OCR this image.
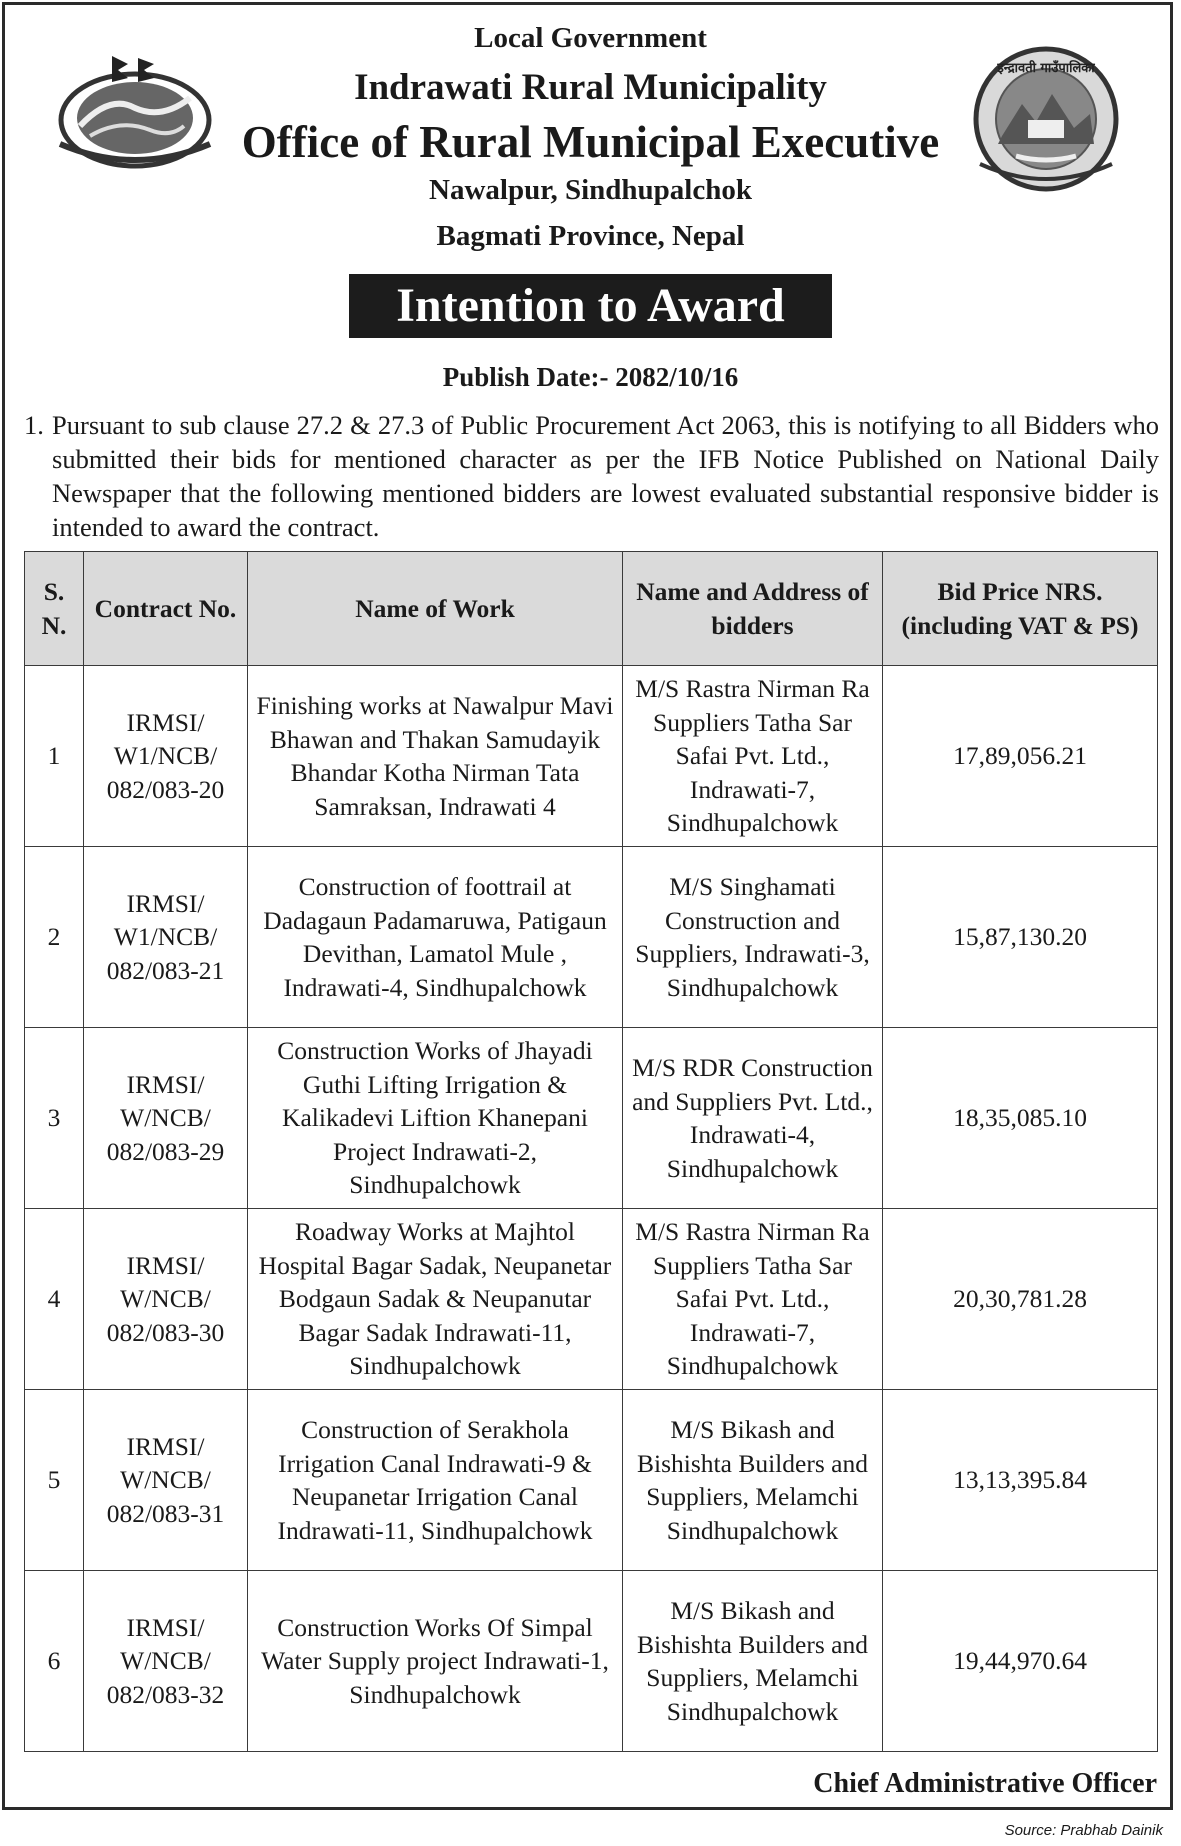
इन्द्रावती गाउँपालिका
Local Government
Indrawati Rural Municipality
Office of Rural Municipal Executive
Nawalpur, Sindhupalchok
Bagmati Province, Nepal
Intention to Award
Publish Date:- 2082/10/16
1. Pursuant to sub clause 27.2 & 27.3 of Public Procurement Act 2063, this is notifying to all Bidders who submitted their bids for mentioned character as per the IFB Notice Published on National Daily Newspaper that the following mentioned bidders are lowest evaluated substantial responsive bidder is intended to award the contract.
S. N.	Contract No.	Name of Work	Name and Address of bidders	Bid Price NRS. (including VAT & PS)
1	IRMSI/ W1/NCB/ 082/083-20	Finishing works at Nawalpur Mavi Bhawan and Thakan Samudayik Bhandar Kotha Nirman Tata Samraksan, Indrawati 4	M/S Rastra Nirman Ra Suppliers Tatha Sar Safai Pvt. Ltd., Indrawati-7, Sindhupalchowk	17,89,056.21
2	IRMSI/ W1/NCB/ 082/083-21	Construction of foottrail at Dadagaun Padamaruwa, Patigaun Devithan, Lamatol Mule , Indrawati-4, Sindhupalchowk	M/S Singhamati Construction and Suppliers, Indrawati-3, Sindhupalchowk	15,87,130.20
3	IRMSI/ W/NCB/ 082/083-29	Construction Works of Jhayadi Guthi Lifting Irrigation & Kalikadevi Liftion Khanepani Project Indrawati-2, Sindhupalchowk	M/S RDR Construction and Suppliers Pvt. Ltd., Indrawati-4, Sindhupalchowk	18,35,085.10
4	IRMSI/ W/NCB/ 082/083-30	Roadway Works at Majhtol Hospital Bagar Sadak, Neupanetar Bodgaun Sadak & Neupanutar Bagar Sadak Indrawati-11, Sindhupalchowk	M/S Rastra Nirman Ra Suppliers Tatha Sar Safai Pvt. Ltd., Indrawati-7, Sindhupalchowk	20,30,781.28
5	IRMSI/ W/NCB/ 082/083-31	Construction of Serakhola Irrigation Canal Indrawati-9 & Neupanetar Irrigation Canal Indrawati-11, Sindhupalchowk	M/S Bikash and Bishishta Builders and Suppliers, Melamchi Sindhupalchowk	13,13,395.84
6	IRMSI/ W/NCB/ 082/083-32	Construction Works Of Simpal Water Supply project Indrawati-1, Sindhupalchowk	M/S Bikash and Bishishta Builders and Suppliers, Melamchi Sindhupalchowk	19,44,970.64
Chief Administrative Officer
Source: Prabhab Dainik
